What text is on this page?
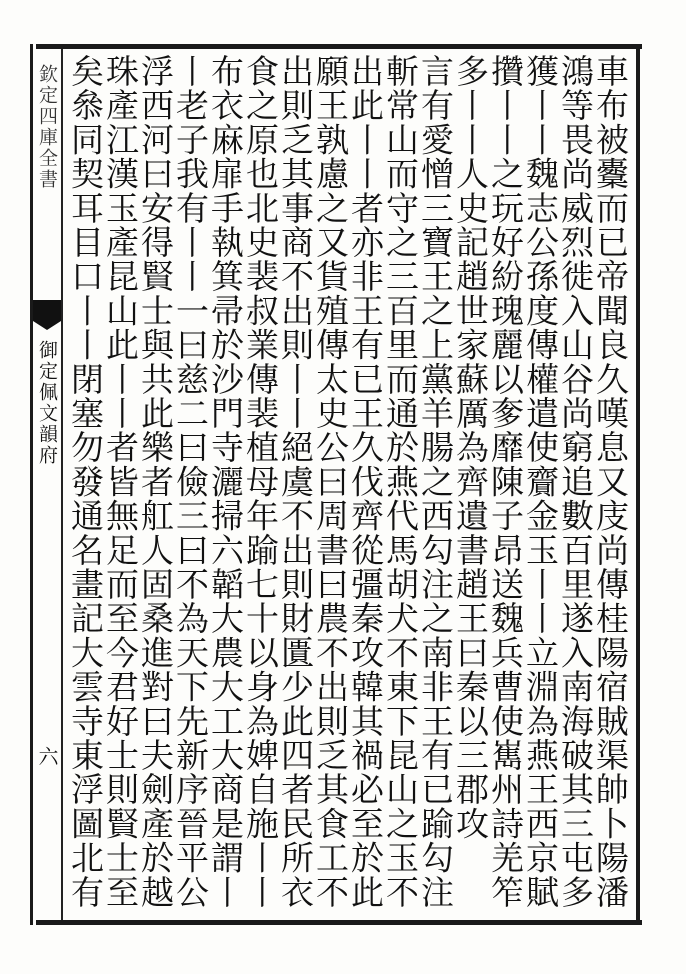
欽定四庫全書
御定佩文韻府
六	車布被櫜而已帝聞良久嘆息又庋尚傳桂陽宿賊渠帥卜陽潘
鴻等畏尚威烈徙入山谷尚窮追數百里遂入南海破其三屯多
獲丨丨魏志公孫度傳權遣使齎金玉丨丨立淵為燕王西京賦
攢丨丨之玩好紛瑰麗以奓靡陳子昂送魏兵曹使嶲州詩羌笮
多丨丨人史記趙世家蘇厲為齊遺書趙王曰秦以三郡攻
言有愛憎三寶王之上黨羊腸之西勾注之南非王有已踰勾注
斬常山而守之三百里而通於燕代馬胡犬不東下昆山之玉不
出此丨丨者亦非王有已王久伐齊從彊秦攻韓其禍必至於此
願王孰慮之又貨殖傳太史公曰周書曰農不出則乏其食工不
出則乏其事商不出則丨丨絕虞不出則財匱少此四者民所衣
食之原也北史裴叔業傳裴植母年踰七十以身為婢自施丨丨
布衣麻扉手執箕帚於沙門寺灑掃六韜大農大工大商是謂丨
丨老子我有丨丨一曰慈二曰儉三曰不為天下先新序晉平公
浮西河曰安得賢士與共此樂者舡人固桑進對曰夫劍產於越
珠產江漢玉產昆山此丨丨者皆無足而至今君好士則賢士至
矣叅同契耳目口丨丨閉塞勿發通名畫記大雲寺東浮圖北有
